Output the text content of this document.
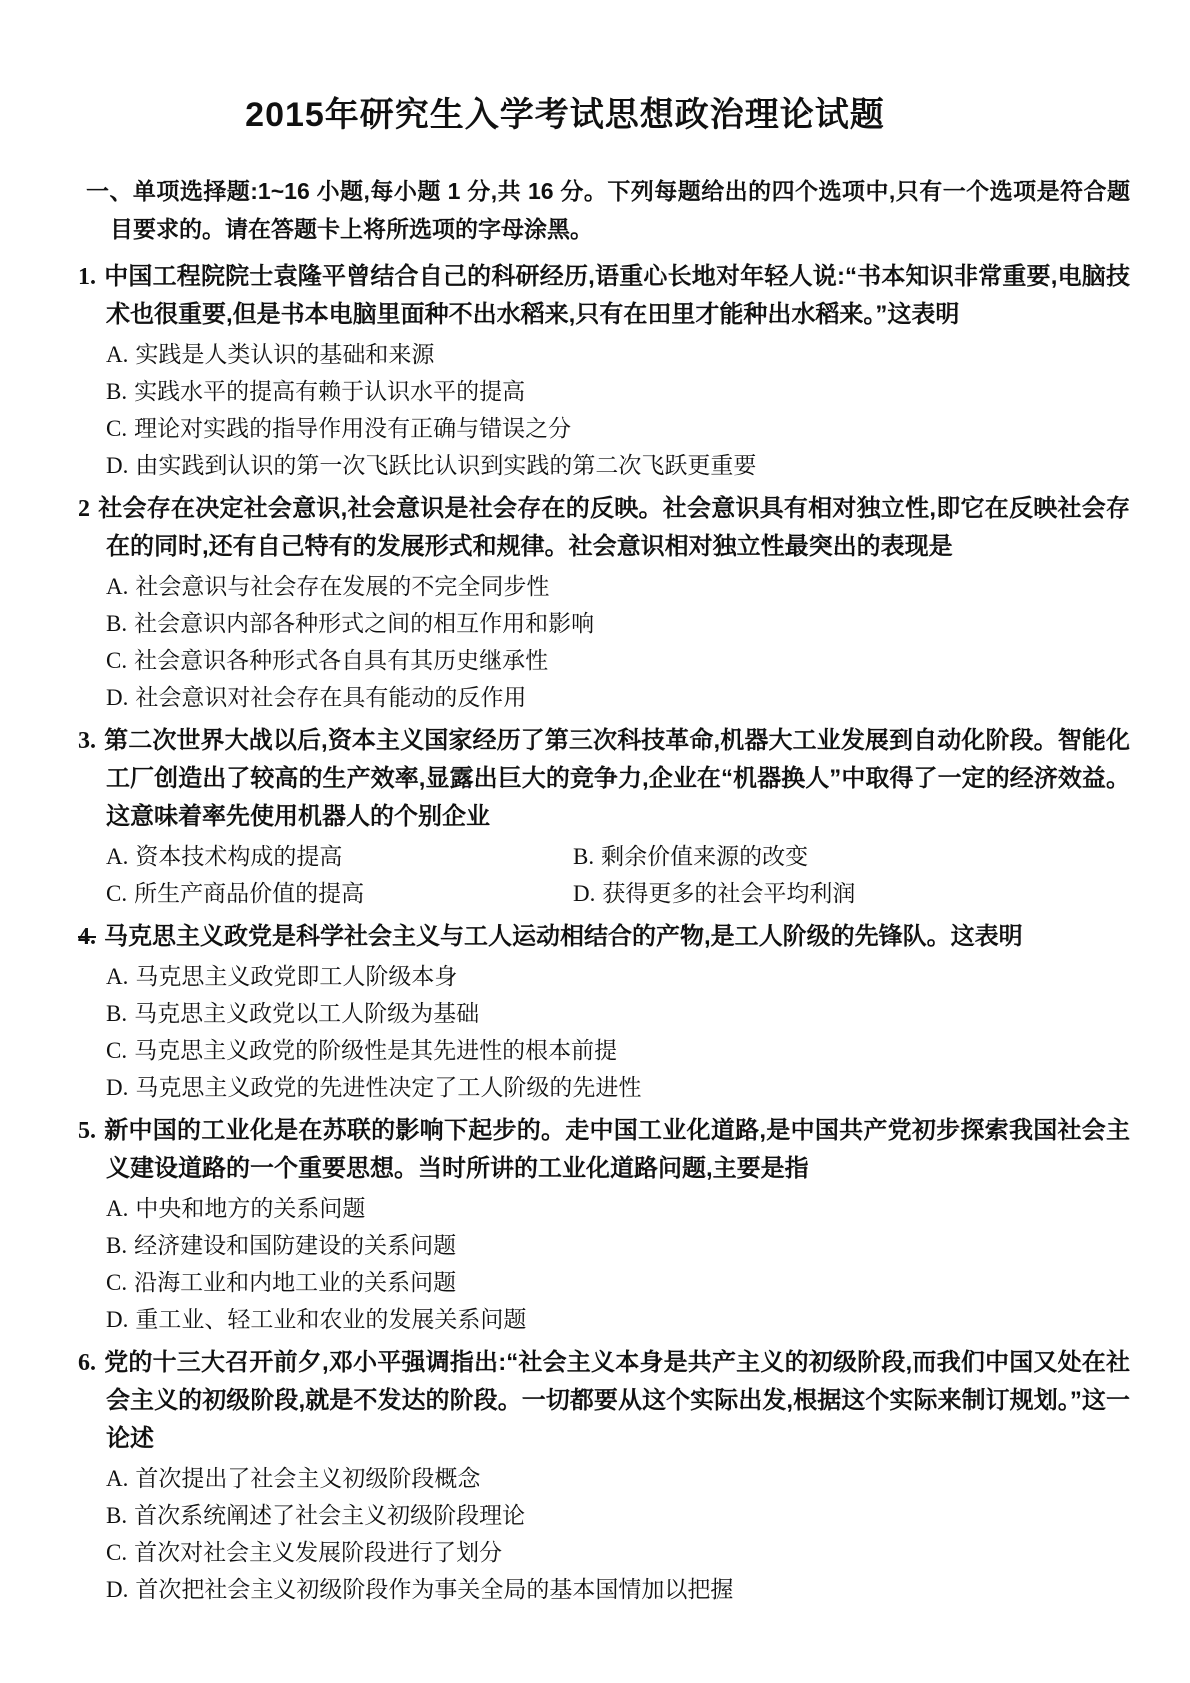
2015年研究生入学考试思想政治理论试题

一、单项选择题:1~16 小题,每小题 1 分,共 16 分。下列每题给出的四个选项中,只有一个选项是符合题目要求的。请在答题卡上将所选项的字母涂黑。

1. 中国工程院院士袁隆平曾结合自己的科研经历,语重心长地对年轻人说:“书本知识非常重要,电脑技术也很重要,但是书本电脑里面种不出水稻来,只有在田里才能种出水稻来。”这表明

A. 实践是人类认识的基础和来源
B. 实践水平的提高有赖于认识水平的提高
C. 理论对实践的指导作用没有正确与错误之分
D. 由实践到认识的第一次飞跃比认识到实践的第二次飞跃更重要

2 社会存在决定社会意识,社会意识是社会存在的反映。社会意识具有相对独立性,即它在反映社会存在的同时,还有自己特有的发展形式和规律。社会意识相对独立性最突出的表现是

A. 社会意识与社会存在发展的不完全同步性
B. 社会意识内部各种形式之间的相互作用和影响
C. 社会意识各种形式各自具有其历史继承性
D. 社会意识对社会存在具有能动的反作用

3. 第二次世界大战以后,资本主义国家经历了第三次科技革命,机器大工业发展到自动化阶段。智能化工厂创造出了较高的生产效率,显露出巨大的竞争力,企业在“机器换人”中取得了一定的经济效益。这意味着率先使用机器人的个别企业

A. 资本技术构成的提高	B. 剩余价值来源的改变
C. 所生产商品价值的提高	D. 获得更多的社会平均利润

4. 马克思主义政党是科学社会主义与工人运动相结合的产物,是工人阶级的先锋队。这表明

A. 马克思主义政党即工人阶级本身
B. 马克思主义政党以工人阶级为基础
C. 马克思主义政党的阶级性是其先进性的根本前提
D. 马克思主义政党的先进性决定了工人阶级的先进性

5. 新中国的工业化是在苏联的影响下起步的。走中国工业化道路,是中国共产党初步探索我国社会主义建设道路的一个重要思想。当时所讲的工业化道路问题,主要是指

A. 中央和地方的关系问题
B. 经济建设和国防建设的关系问题
C. 沿海工业和内地工业的关系问题
D. 重工业、轻工业和农业的发展关系问题

6. 党的十三大召开前夕,邓小平强调指出:“社会主义本身是共产主义的初级阶段,而我们中国又处在社会主义的初级阶段,就是不发达的阶段。一切都要从这个实际出发,根据这个实际来制订规划。”这一论述

A. 首次提出了社会主义初级阶段概念
B. 首次系统阐述了社会主义初级阶段理论
C. 首次对社会主义发展阶段进行了划分
D. 首次把社会主义初级阶段作为事关全局的基本国情加以把握
